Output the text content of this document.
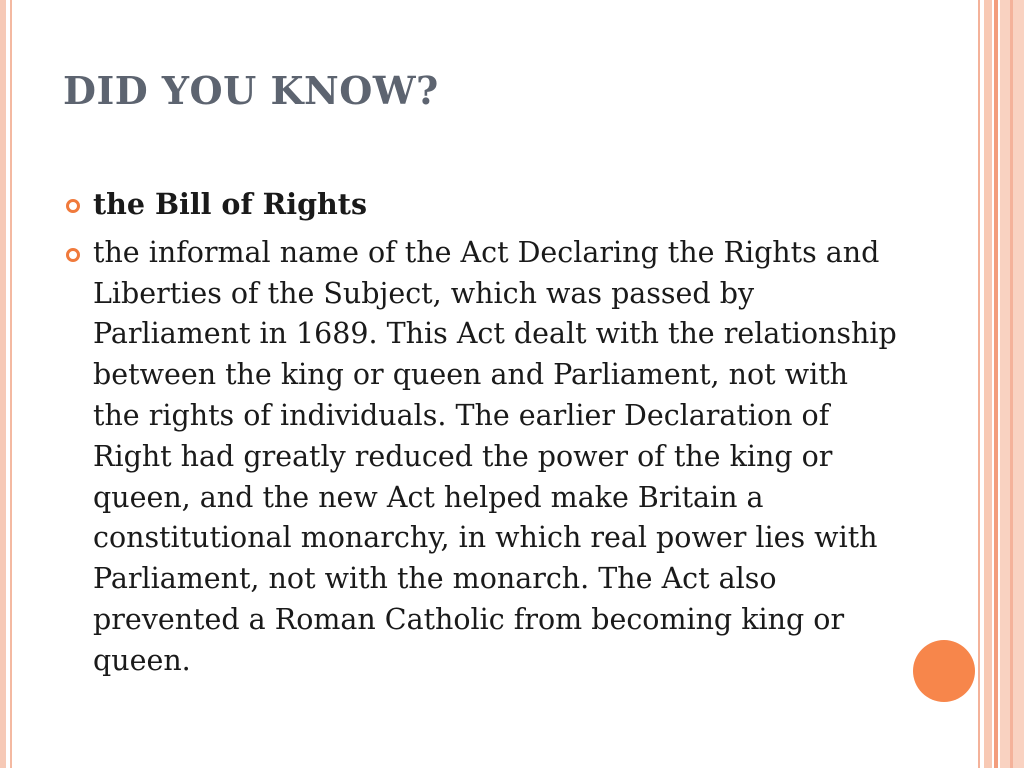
DID YOU KNOW?
the Bill of Rights
the informal name of the Act Declaring the Rights and Liberties of the Subject, which was passed by Parliament in 1689. This Act dealt with the relationship between the king or queen and Parliament, not with the rights of individuals. The earlier Declaration of Right had greatly reduced the power of the king or queen, and the new Act helped make Britain a constitutional monarchy, in which real power lies with Parliament, not with the monarch. The Act also prevented a Roman Catholic from becoming king or queen.
